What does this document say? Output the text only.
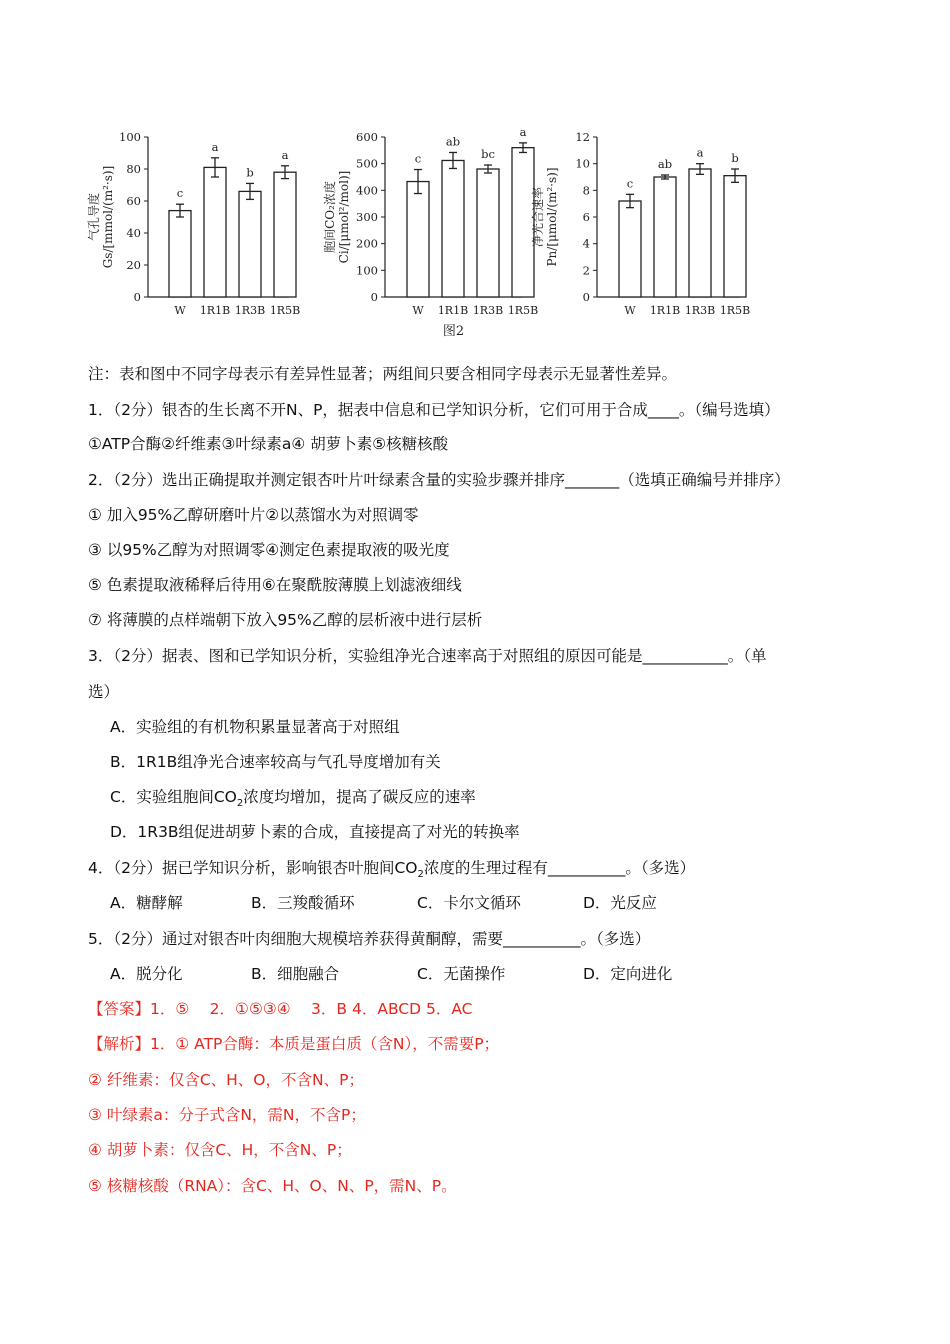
0
20
40
60
80
100
c
W
a
1R1B
b
1R3B
a
1R5B
气孔导度 Gs/[mmol/(m²·s)]
0
100
200
300
400
500
600
c
W
ab
1R1B
bc
1R3B
a
1R5B
胞间CO₂浓度 Ci/[μmol²/mol)]
图2
0
2
4
6
8
10
12
c
W
ab
1R1B
a
1R3B
b
1R5B
净光合速率 Pn/[μmol/(m²·s)]
注：表和图中不同字母表示有差异性显著；两组间只要含相同字母表示无显著性差异。
1．（2分）银杏的生长离不开N、P，据表中信息和已学知识分析，它们可用于合成____。（编号选填）
①ATP合酶②纤维素③叶绿素a④ 胡萝卜素⑤核糖核酸
2．（2分）选出正确提取并测定银杏叶片叶绿素含量的实验步骤并排序_______（选填正确编号并排序）
① 加入95%乙醇研磨叶片②以蒸馏水为对照调零
③ 以95%乙醇为对照调零④测定色素提取液的吸光度
⑤ 色素提取液稀释后待用⑥在聚酰胺薄膜上划滤液细线
⑦ 将薄膜的点样端朝下放入95%乙醇的层析液中进行层析
3．（2分）据表、图和已学知识分析，实验组净光合速率高于对照组的原因可能是___________。（单
选）
A．实验组的有机物积累量显著高于对照组
B．1R1B组净光合速率较高与气孔导度增加有关
C．实验组胞间$CO_2$浓度均增加，提高了碳反应的速率
D．1R3B组促进胡萝卜素的合成，直接提高了对光的转换率
4．（2分）据已学知识分析，影响银杏叶胞间$CO_2$浓度的生理过程有__________。（多选）
A．糖酵解	B．三羧酸循环	C．卡尔文循环	D．光反应
5．（2分）通过对银杏叶肉细胞大规模培养获得黄酮醇，需要__________。（多选）
A．脱分化	B．细胞融合	C．无菌操作	D．定向进化
【答案】1．⑤　 2．①⑤③④　 3．B 4．ABCD 5．AC
【解析】1．① ATP合酶：本质是蛋白质（含N），不需要P；
② 纤维素：仅含C、H、O，不含N、P；
③ 叶绿素a：分子式含N，需N，不含P；
④ 胡萝卜素：仅含C、H，不含N、P；
⑤ 核糖核酸（RNA）：含C、H、O、N、P，需N、P。
